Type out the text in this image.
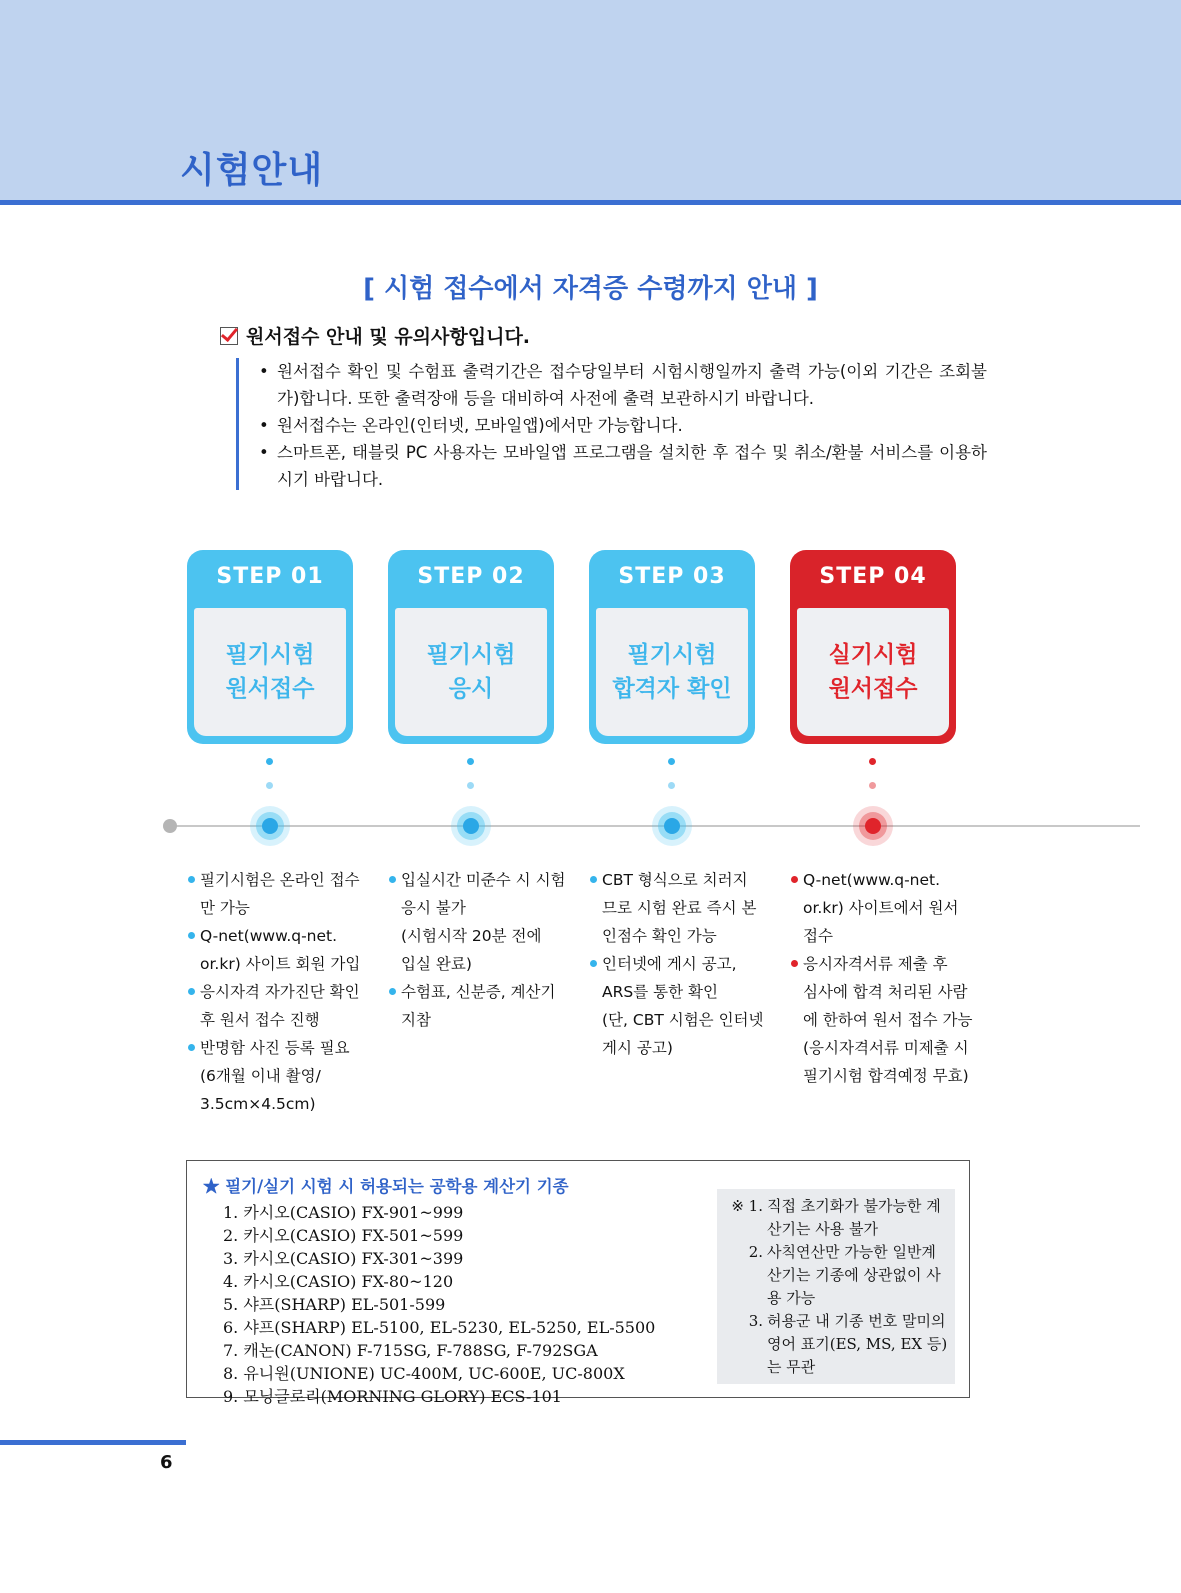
시험안내
[ 시험 접수에서 자격증 수령까지 안내 ]
원서접수 안내 및 유의사항입니다.
• 원서접수 확인 및 수험표 출력기간은 접수당일부터 시험시행일까지 출력 가능(이외 기간은 조회불가)합니다. 또한 출력장애 등을 대비하여 사전에 출력 보관하시기 바랍니다.
• 원서접수는 온라인(인터넷, 모바일앱)에서만 가능합니다.
• 스마트폰, 태블릿 PC 사용자는 모바일앱 프로그램을 설치한 후 접수 및 취소/환불 서비스를 이용하시기 바랍니다.
STEP 01
필기시험
원서접수
STEP 02
필기시험
응시
STEP 03
필기시험
합격자 확인
STEP 04
실기시험
원서접수
필기시험은 온라인 접수
만 가능
Q-net(www.q-net.
or.kr) 사이트 회원 가입
응시자격 자가진단 확인
후 원서 접수 진행
반명함 사진 등록 필요
(6개월 이내 촬영/
3.5cm×4.5cm)
입실시간 미준수 시 시험
응시 불가
(시험시작 20분 전에
입실 완료)
수험표, 신분증, 계산기
지참
CBT 형식으로 치러지
므로 시험 완료 즉시 본
인점수 확인 가능
인터넷에 게시 공고,
ARS를 통한 확인
(단, CBT 시험은 인터넷
게시 공고)
Q-net(www.q-net.
or.kr) 사이트에서 원서
접수
응시자격서류 제출 후
심사에 합격 처리된 사람
에 한하여 원서 접수 가능
(응시자격서류 미제출 시
필기시험 합격예정 무효)
★ 필기/실기 시험 시 허용되는 공학용 계산기 기종
1. 카시오(CASIO) FX-901~999
2. 카시오(CASIO) FX-501~599
3. 카시오(CASIO) FX-301~399
4. 카시오(CASIO) FX-80~120
5. 샤프(SHARP) EL-501-599
6. 샤프(SHARP) EL-5100, EL-5230, EL-5250, EL-5500
7. 캐논(CANON) F-715SG, F-788SG, F-792SGA
8. 유니원(UNIONE) UC-400M, UC-600E, UC-800X
9. 모닝글로리(MORNING GLORY) ECS-101
※ 1. 직접 초기화가 불가능한 계산기는 사용 불가
2. 사칙연산만 가능한 일반계산기는 기종에 상관없이 사용 가능
3. 허용군 내 기종 번호 말미의 영어 표기(ES, MS, EX 등)는 무관
6
